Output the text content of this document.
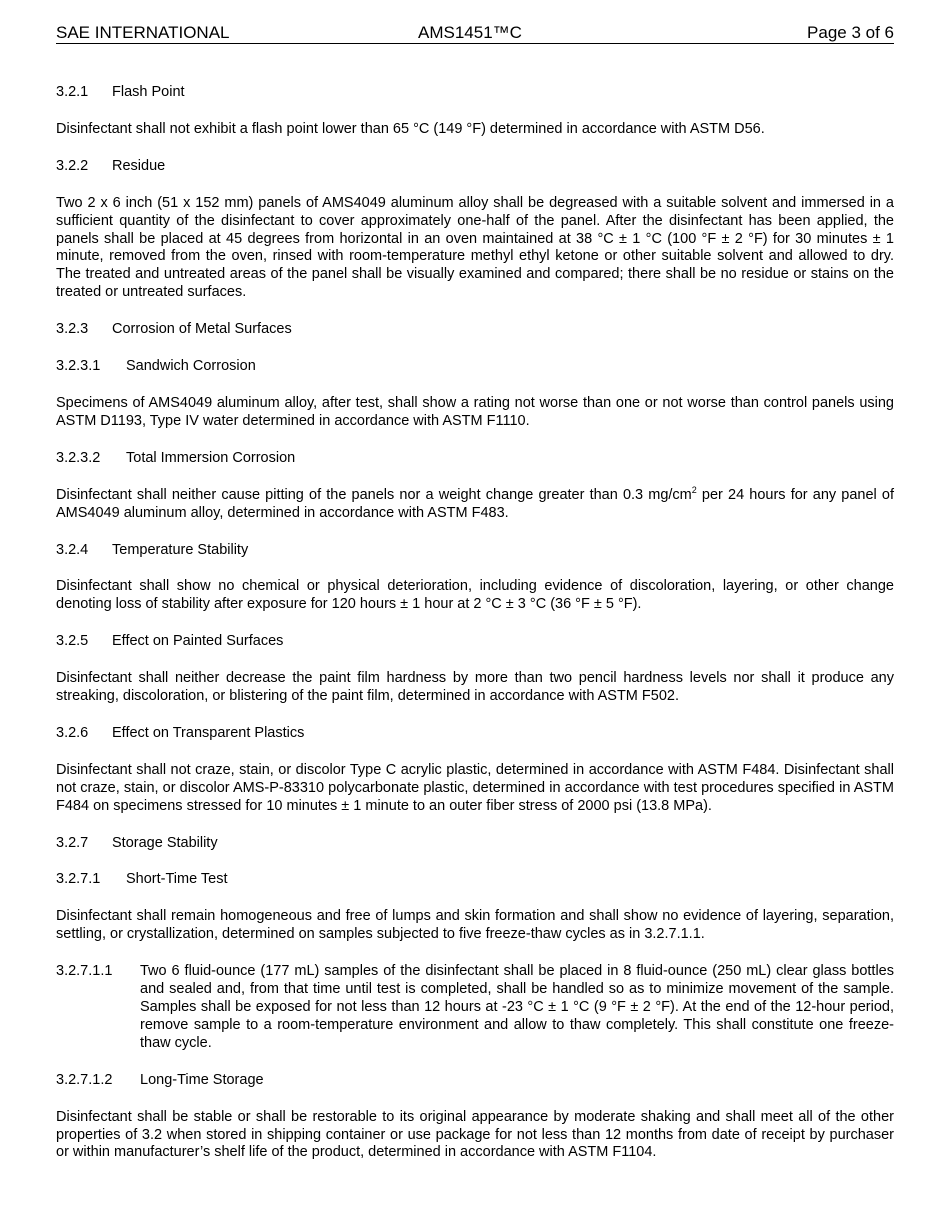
SAE INTERNATIONAL	AMS1451™C	Page 3 of 6

3.2.1 Flash Point

Disinfectant shall not exhibit a flash point lower than 65 °C (149 °F) determined in accordance with ASTM D56.

3.2.2 Residue

Two 2 x 6 inch (51 x 152 mm) panels of AMS4049 aluminum alloy shall be degreased with a suitable solvent and immersed in a sufficient quantity of the disinfectant to cover approximately one-half of the panel. After the disinfectant has been applied, the panels shall be placed at 45 degrees from horizontal in an oven maintained at 38 °C ± 1 °C (100 °F ± 2 °F) for 30 minutes ± 1 minute, removed from the oven, rinsed with room-temperature methyl ethyl ketone or other suitable solvent and allowed to dry. The treated and untreated areas of the panel shall be visually examined and compared; there shall be no residue or stains on the treated or untreated surfaces.

3.2.3 Corrosion of Metal Surfaces

3.2.3.1 Sandwich Corrosion

Specimens of AMS4049 aluminum alloy, after test, shall show a rating not worse than one or not worse than control panels using ASTM D1193, Type IV water determined in accordance with ASTM F1110.

3.2.3.2 Total Immersion Corrosion

Disinfectant shall neither cause pitting of the panels nor a weight change greater than 0.3 $mg/cm^2$ per 24 hours for any panel of AMS4049 aluminum alloy, determined in accordance with ASTM F483.

3.2.4 Temperature Stability

Disinfectant shall show no chemical or physical deterioration, including evidence of discoloration, layering, or other change denoting loss of stability after exposure for 120 hours ± 1 hour at 2 °C ± 3 °C (36 °F ± 5 °F).

3.2.5 Effect on Painted Surfaces

Disinfectant shall neither decrease the paint film hardness by more than two pencil hardness levels nor shall it produce any streaking, discoloration, or blistering of the paint film, determined in accordance with ASTM F502.

3.2.6 Effect on Transparent Plastics

Disinfectant shall not craze, stain, or discolor Type C acrylic plastic, determined in accordance with ASTM F484. Disinfectant shall not craze, stain, or discolor AMS-P-83310 polycarbonate plastic, determined in accordance with test procedures specified in ASTM F484 on specimens stressed for 10 minutes ± 1 minute to an outer fiber stress of 2000 psi (13.8 MPa).

3.2.7 Storage Stability

3.2.7.1 Short-Time Test

Disinfectant shall remain homogeneous and free of lumps and skin formation and shall show no evidence of layering, separation, settling, or crystallization, determined on samples subjected to five freeze-thaw cycles as in 3.2.7.1.1.

3.2.7.1.1	Two 6 fluid-ounce (177 mL) samples of the disinfectant shall be placed in 8 fluid-ounce (250 mL) clear glass bottles and sealed and, from that time until test is completed, shall be handled so as to minimize movement of the sample. Samples shall be exposed for not less than 12 hours at -23 °C ± 1 °C (9 °F ± 2 °F). At the end of the 12-hour period, remove sample to a room-temperature environment and allow to thaw completely. This shall constitute one freeze-thaw cycle.

3.2.7.1.2 Long-Time Storage

Disinfectant shall be stable or shall be restorable to its original appearance by moderate shaking and shall meet all of the other properties of 3.2 when stored in shipping container or use package for not less than 12 months from date of receipt by purchaser or within manufacturer’s shelf life of the product, determined in accordance with ASTM F1104.
